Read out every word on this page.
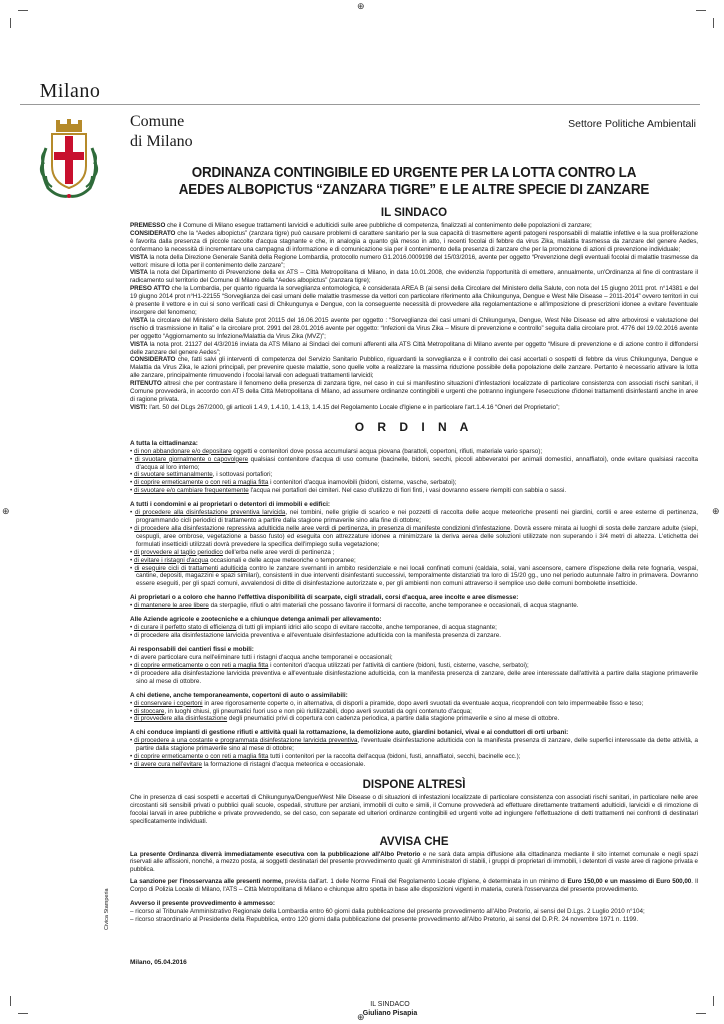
⊕
⊕	⊕
⊕
Milano
Comune
di Milano
Settore Politiche Ambientali
ORDINANZA CONTINGIBILE ED URGENTE PER LA LOTTA CONTRO LA
AEDES ALBOPICTUS “ZANZARA TIGRE” E LE ALTRE SPECIE DI ZANZARE
IL SINDACO
PREMESSO che il Comune di Milano esegue trattamenti larvicidi e adulticidi sulle aree pubbliche di competenza, finalizzati al contenimento delle popolazioni di zanzare;
CONSIDERATO che la “Aedes albopictus” (zanzara tigre) può causare problemi di carattere sanitario per la sua capacità di trasmettere agenti patogeni responsabili di malattie infettive e la sua proliferazione è favorita dalla presenza di piccole raccolte d'acqua stagnante e che, in analogia a quanto già messo in atto, i recenti focolai di febbre da virus Zika, malattia trasmessa da zanzare del genere Aedes, confermano la necessità di incrementare una campagna di informazione e di comunicazione sia per il contenimento della presenza di zanzare che per la promozione di azioni di prevenzione individuale;
VISTA la nota della Direzione Generale Sanità della Regione Lombardia, protocollo numero G1.2016.0009198 del 15/03/2016, avente per oggetto “Prevenzione degli eventuali focolai di malattie trasmesse da vettori: misure di lotta per il contenimento delle zanzare”;
VISTA la nota del Dipartimento di Prevenzione della ex ATS – Città Metropolitana di Milano, in data 10.01.2008, che evidenzia l'opportunità di emettere, annualmente, un'Ordinanza al fine di contrastare il radicamento sul territorio del Comune di Milano della “Aedes albopictus” (zanzara tigre);
PRESO ATTO che la Lombardia, per quanto riguarda la sorveglianza entomologica, è considerata AREA B (ai sensi della Circolare del Ministero della Salute, con nota del 15 giugno 2011 prot. n°14381 e del 19 giugno 2014 prot n°H1-22155 “Sorveglianza dei casi umani delle malattie trasmesse da vettori con particolare riferimento alla Chikungunya, Dengue e West Nile Disease – 2011-2014” ovvero territori in cui è presente il vettore e in cui si sono verificati casi di Chikungunya e Dengue, con la conseguente necessità di provvedere alla regolamentazione e all'imposizione di prescrizioni idonee a evitare l'eventuale insorgere del fenomeno;
VISTA la circolare del Ministero della Salute prot 20115 del 16.06.2015 avente per oggetto : “Sorveglianza dei casi umani di Chikungunya, Dengue, West Nile Disease ed altre arbovirosi e valutazione del rischio di trasmissione in Italia” e la circolare prot. 2991 del 28.01.2016 avente per oggetto: “Infezioni da Virus Zika – Misure di prevenzione e controllo” seguita dalla circolare prot. 4776 del 19.02.2016 avente per oggetto “Aggiornamento su Infezione/Malattia da Virus Zika (MVZ)”;
VISTA la nota prot. 21127 del 4/3/2016 inviata da ATS Milano ai Sindaci dei comuni afferenti alla ATS Città Metropolitana di Milano avente per oggetto “Misure di prevenzione e di azione contro il diffondersi delle zanzare del genere Aedes”;
CONSIDERATO che, fatti salvi gli interventi di competenza del Servizio Sanitario Pubblico, riguardanti la sorveglianza e il controllo dei casi accertati o sospetti di febbre da virus Chikungunya, Dengue e Malattia da Virus Zika, le azioni principali, per prevenire queste malattie, sono quelle volte a realizzare la massima riduzione possibile della popolazione delle zanzare. Pertanto è necessario attivare la lotta alle zanzare, principalmente rimuovendo i focolai larvali con adeguati trattamenti larvicidi;
RITENUTO altresì che per contrastare il fenomeno della presenza di zanzara tigre, nel caso in cui si manifestino situazioni d'infestazioni localizzate di particolare consistenza con associati rischi sanitari, il Comune provvederà, in accordo con ATS della Città Metropolitana di Milano, ad assumere ordinanze contingibili e urgenti che potranno ingiungere l'esecuzione d'idonei trattamenti disinfestanti anche in aree di ragione privata.
VISTI: l'art. 50 del DLgs 267/2000, gli articoli 1.4.9, 1.4.10, 1.4.13, 1.4.15 del Regolamento Locale d'Igiene e in particolare l'art.1.4.16 “Oneri del Proprietario”;
O R D I N A
A tutta la cittadinanza:
• di non abbandonare e/o depositare oggetti e contenitori dove possa accumularsi acqua piovana (barattoli, copertoni, rifiuti, materiale vario sparso);
• di svuotare giornalmente o capovolgere qualsiasi contenitore d'acqua di uso comune (bacinelle, bidoni, secchi, piccoli abbeveratoi per animali domestici, annaffiatoi), onde evitare qualsiasi raccolta d'acqua al loro interno;
• di svuotare settimanalmente, i sottovasi portafiori;
• di coprire ermeticamente o con reti a maglia fitta i contenitori d'acqua inamovibili (bidoni, cisterne, vasche, serbatoi);
• di svuotare e/o cambiare frequentemente l'acqua nei portafiori dei cimiteri. Nel caso d'utilizzo di fiori finti, i vasi dovranno essere riempiti con sabbia o sassi.
A tutti i condomini e ai proprietari o detentori di immobili e edifici:
• di procedere alla disinfestazione preventiva larvicida, nei tombini, nelle griglie di scarico e nei pozzetti di raccolta delle acque meteoriche presenti nei giardini, cortili e aree esterne di pertinenza, programmando cicli periodici di trattamento a partire dalla stagione primaverile sino alla fine di ottobre;
• di procedere alla disinfestazione repressiva adulticida nelle aree verdi di pertinenza, in presenza di manifeste condizioni d'infestazione. Dovrà essere mirata ai luoghi di sosta delle zanzare adulte (siepi, cespugli, aree ombrose, vegetazione a basso fusto) ed eseguita con attrezzature idonee a minimizzare la deriva aerea delle soluzioni utilizzate non superando i 3/4 metri di altezza. L'etichetta dei formulati insetticidi utilizzati dovrà prevedere la specifica dell'impiego sulla vegetazione;
• di provvedere al taglio periodico dell'erba nelle aree verdi di pertinenza ;
• di evitare i ristagni d'acqua occasionali e delle acque meteoriche o temporanee;
• di eseguire cicli di trattamenti adulticida contro le zanzare svernanti in ambito residenziale e nei locali confinati comuni (caldaia, solai, vani ascensore, camere d'ispezione della rete fognaria, vespai, cantine, depositi, magazzini e spazi similari), consistenti in due interventi disinfestanti successivi, temporalmente distanziati tra loro di 15/20 gg., uno nel periodo autunnale l'altro in primavera. Dovranno essere eseguiti, per gli spazi comuni, avvalendosi di ditte di disinfestazione autorizzate e, per gli ambienti non comuni attraverso il semplice uso delle comuni bombolette insetticide.
Ai proprietari o a coloro che hanno l'effettiva disponibilità di scarpate, cigli stradali, corsi d'acqua, aree incolte e aree dismesse:
• di mantenere le aree libere da sterpaglie, rifiuti o altri materiali che possano favorire il formarsi di raccolte, anche temporanee e occasionali, di acqua stagnante.
Alle Aziende agricole e zootecniche e a chiunque detenga animali per allevamento:
• di curare il perfetto stato di efficienza di tutti gli impianti idrici allo scopo di evitare raccolte, anche temporanee, di acqua stagnante;
• di procedere alla disinfestazione larvicida preventiva e all'eventuale disinfestazione adulticida con la manifesta presenza di zanzare.
Ai responsabili dei cantieri fissi e mobili:
• di avere particolare cura nell'eliminare tutti i ristagni d'acqua anche temporanei e occasionali;
• di coprire ermeticamente o con reti a maglia fitta i contenitori d'acqua utilizzati per l'attività di cantiere (bidoni, fusti, cisterne, vasche, serbatoi);
• di procedere alla disinfestazione larvicida preventiva e all'eventuale disinfestazione adulticida, con la manifesta presenza di zanzare, delle aree interessate dall'attività a partire dalla stagione primaverile sino al mese di ottobre.
A chi detiene, anche temporaneamente, copertoni di auto o assimilabili:
• di conservare i copertoni in aree rigorosamente coperte o, in alternativa, di disporli a piramide, dopo averli svuotati da eventuale acqua, ricoprendoli con telo impermeabile fisso e teso;
• di stoccare, in luoghi chiusi, gli pneumatici fuori uso e non più riutilizzabili, dopo averli svuotati da ogni contenuto d'acqua;
• di provvedere alla disinfestazione degli pneumatici privi di copertura con cadenza periodica, a partire dalla stagione primaverile e sino al mese di ottobre.
A chi conduce impianti di gestione rifiuti e attività quali la rottamazione, la demolizione auto, giardini botanici, vivai e ai conduttori di orti urbani:
• di procedere a una costante e programmata disinfestazione larvicida preventiva, l'eventuale disinfestazione adulticida con la manifesta presenza di zanzare, delle superfici interessate da dette attività, a partire dalla stagione primaverile sino al mese di ottobre;
• di coprire ermeticamente o con reti a maglia fitta tutti i contenitori per la raccolta dell'acqua (bidoni, fusti, annaffiatoi, secchi, bacinelle ecc.);
• di avere cura nell'evitare la formazione di ristagni d'acqua meteorica e occasionale.
DISPONE ALTRESÌ
Che in presenza di casi sospetti e accertati di Chikungunya/Dengue/West Nile Disease o di situazioni di infestazioni localizzate di particolare consistenza con associati rischi sanitari, in particolare nelle aree circostanti siti sensibili privati o pubblici quali scuole, ospedali, strutture per anziani, immobili di culto e simili, il Comune provvederà ad effettuare direttamente trattamenti adulticidi, larvicidi e di rimozione di focolai larvali in aree pubbliche e private provvedendo, se del caso, con separate ed ulteriori ordinanze contingibili ed urgenti volte ad ingiungere l'effettuazione di detti trattamenti nei confronti di destinatari specificatamente individuati.
AVVISA CHE
La presente Ordinanza diverrà immediatamente esecutiva con la pubblicazione all'Albo Pretorio e ne sarà data ampia diffusione alla cittadinanza mediante il sito internet comunale e negli spazi riservati alle affissioni, nonché, a mezzo posta, ai soggetti destinatari del presente provvedimento quali: gli Amministratori di stabili, i gruppi di proprietari di immobili, i detentori di vaste aree di ragione privata e pubblica.
La sanzione per l'inosservanza alle presenti norme, prevista dall'art. 1 delle Norme Finali del Regolamento Locale d'Igiene, è determinata in un minimo di Euro 150,00 e un massimo di Euro 500,00. Il Corpo di Polizia Locale di Milano, l'ATS – Città Metropolitana di Milano e chiunque altro spetta in base alle disposizioni vigenti in materia, curerà l'osservanza del presente provvedimento.
Avverso il presente provvedimento è ammesso:
– ricorso al Tribunale Amministrativo Regionale della Lombardia entro 60 giorni dalla pubblicazione del presente provvedimento all'Albo Pretorio, ai sensi del D.Lgs. 2 Luglio 2010 n°104;
– ricorso straordinario al Presidente della Repubblica, entro 120 giorni dalla pubblicazione del presente provvedimento all'Albo Pretorio, ai sensi del D.P.R. 24 novembre 1971 n. 1199.
Milano, 05.04.2016
Civica Stamperia
IL SINDACO
Giuliano Pisapia
